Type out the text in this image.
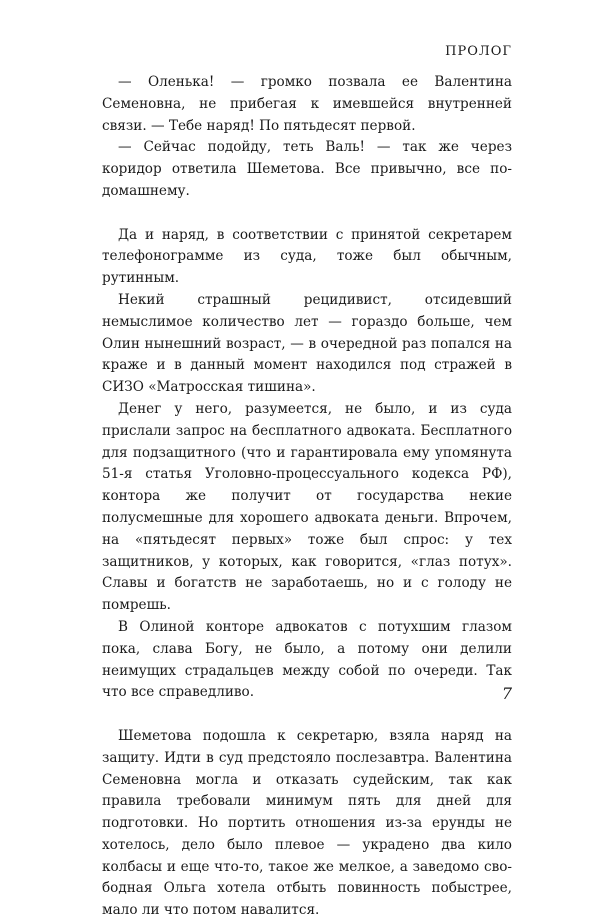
ПРОЛОГ

— Оленька! — громко позвала ее Валентина Семеновна, не прибегая к имевшейся внутренней связи. — Тебе наряд! По пятьдесят первой.

— Сейчас подойду, теть Валь! — так же через коридор ответила Шеметова. Все привычно, все по-домашнему.

Да и наряд, в соответствии с принятой секретарем телефонограмме из суда, тоже был обычным, рутинным.

Некий страшный рецидивист, отсидевший немыслимое количество лет — гораздо больше, чем Олин нынешний возраст, — в очередной раз попался на краже и в данный момент находился под стражей в СИЗО «Матросская тишина».

Денег у него, разумеется, не было, и из суда прислали запрос на бесплатного адвоката. Бесплатного для подзащитного (что и гарантировала ему упомянута 51-я статья Уголовно-процессуального кодекса РФ), контора же получит от государства некие полусмешные для хорошего адвоката деньги. Впрочем, на «пятьдесят первых» тоже был спрос: у тех защитников, у которых, как говорится, «глаз потух». Славы и богатств не заработаешь, но и с голоду не помрешь.

В Олиной конторе адвокатов с потухшим глазом пока, слава Богу, не было, а потому они делили неимущих страдальцев между собой по очереди. Так что все справедливо.

Шеметова подошла к секретарю, взяла наряд на защиту. Идти в суд предстояло послезавтра. Валентина Семеновна могла и отказать судейским, так как правила требовали минимум пять для дней для подготовки. Но портить отношения из-за ерунды не хотелось, дело было плевое — украдено два кило колбасы и еще что-то, такое же мелкое, а заведомо свободная Ольга хотела отбыть повинность побыстрее, мало ли что потом навалится.

7
